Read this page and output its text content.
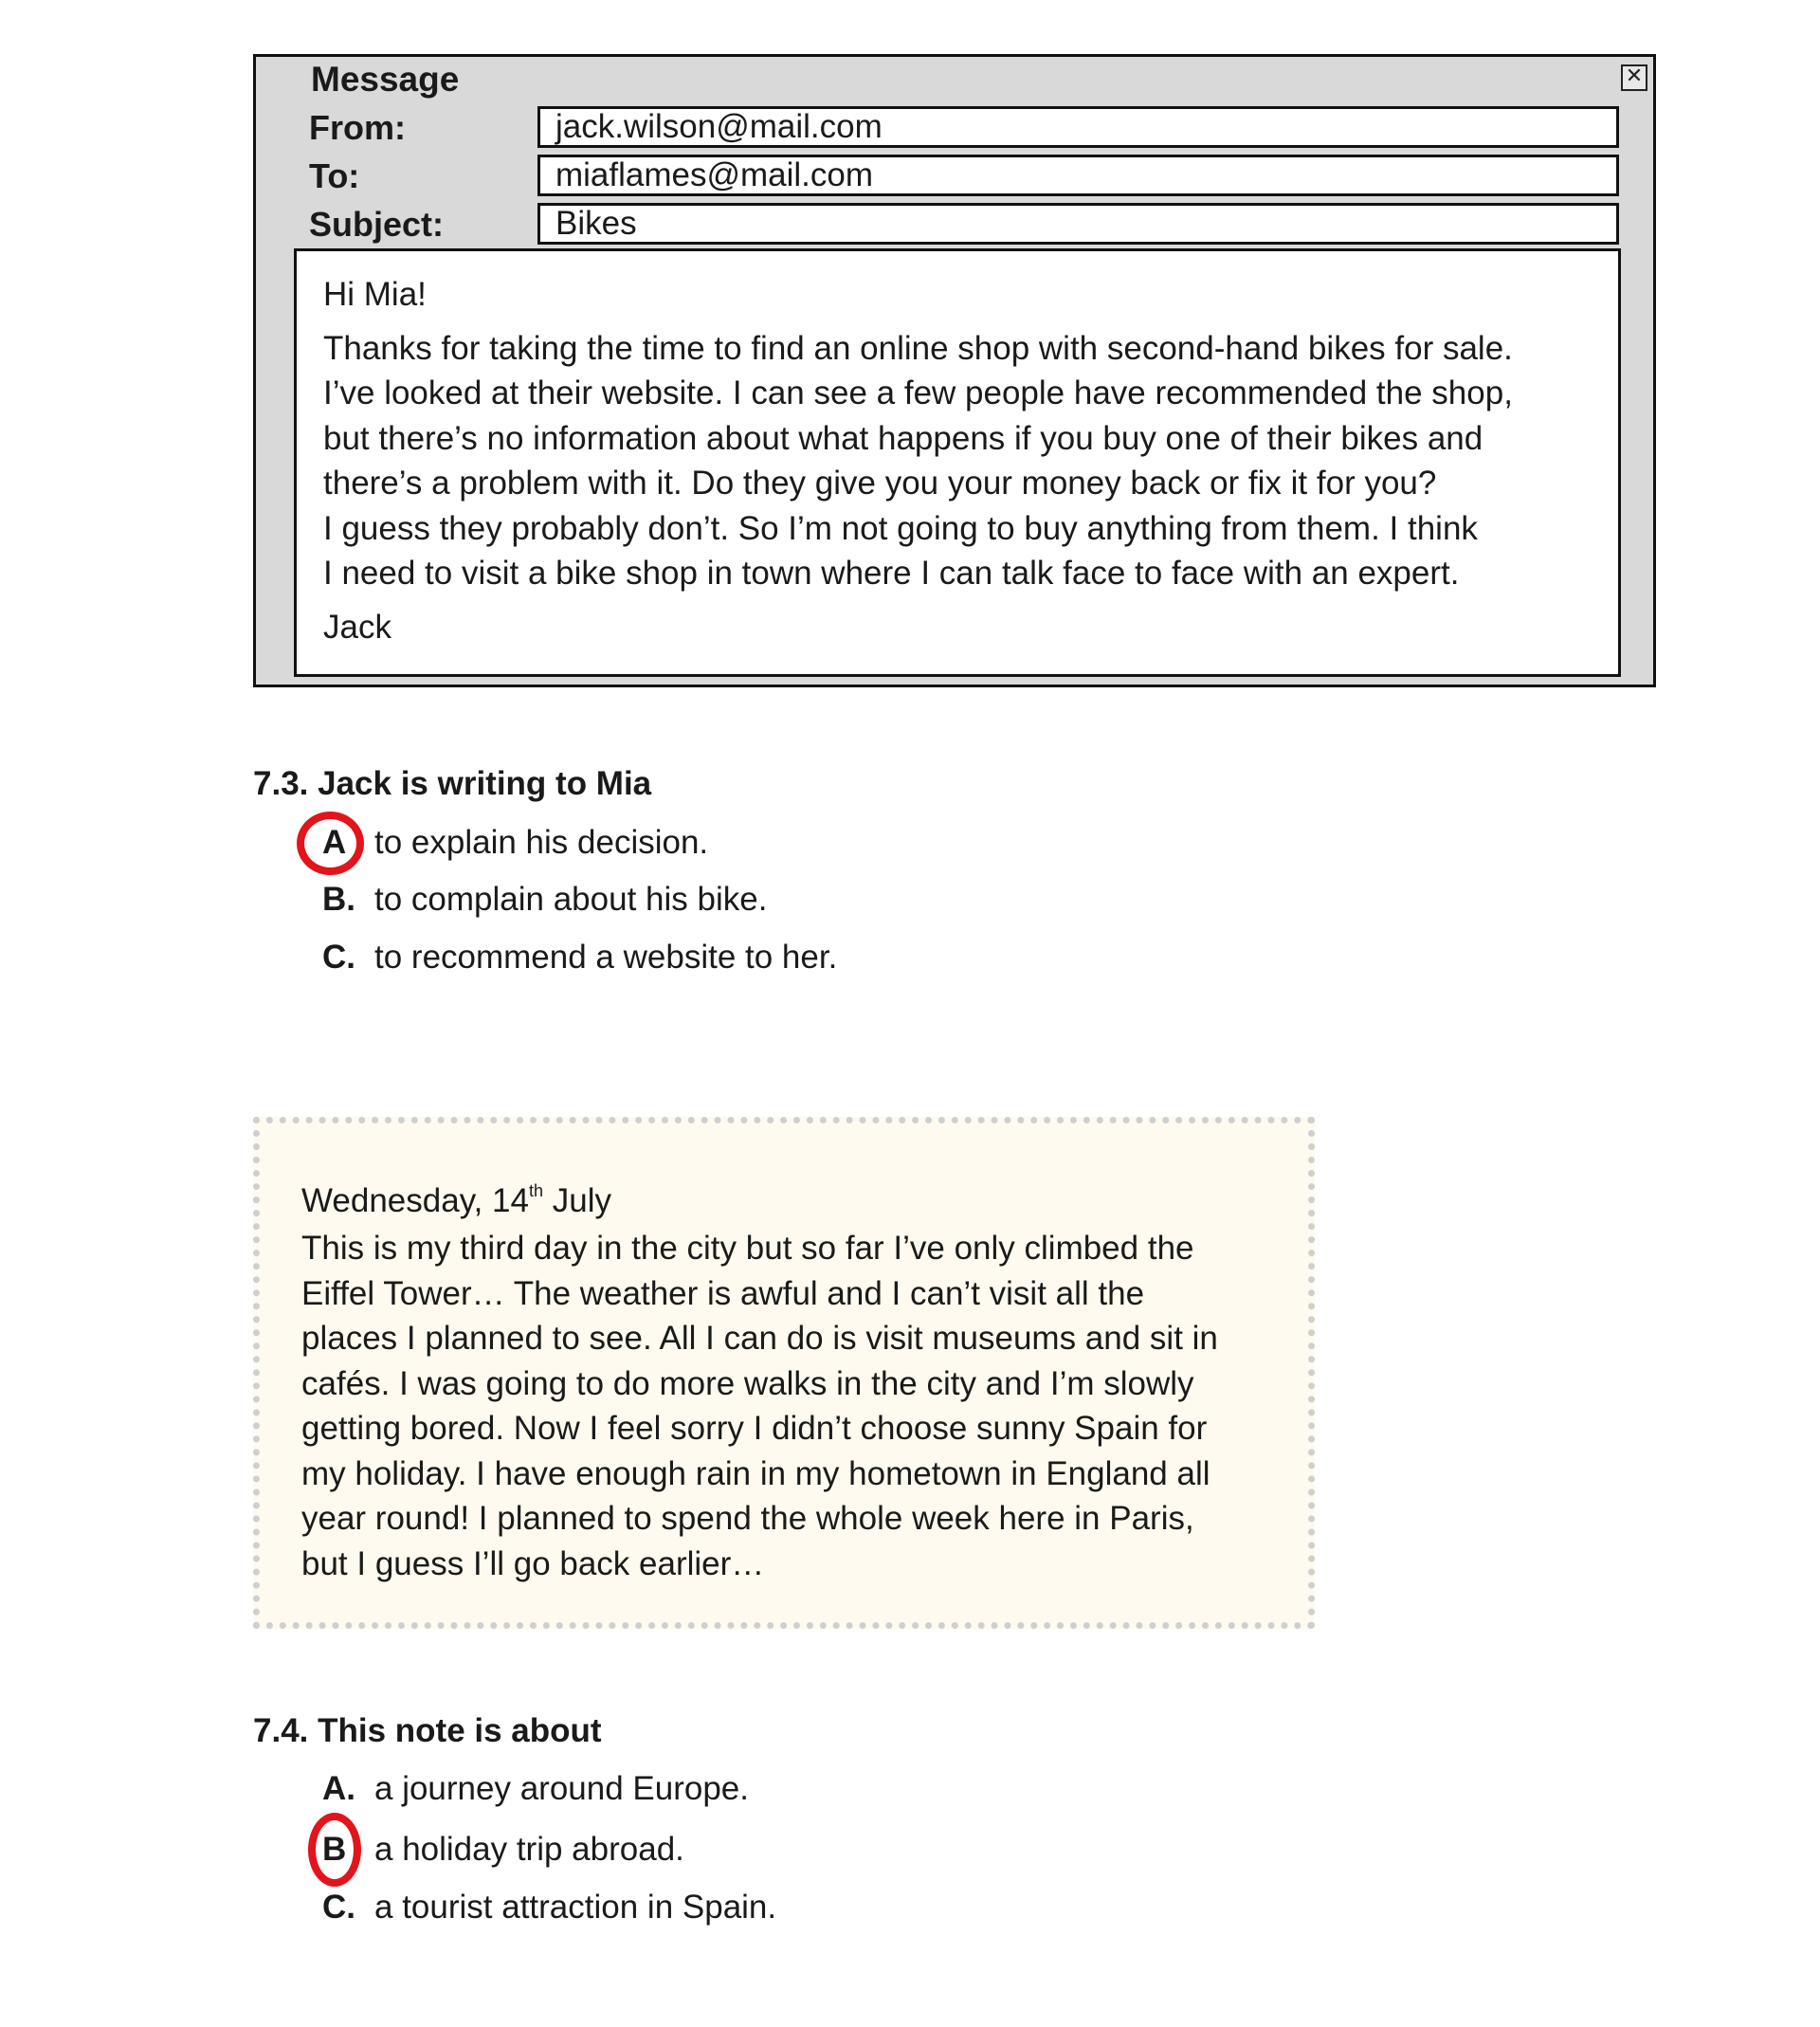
Message	✕
From:	jack.wilson@mail.com
To:	miaflames@mail.com
Subject:	Bikes

Hi Mia!

Thanks for taking the time to find an online shop with second-hand bikes for sale.

I’ve looked at their website. I can see a few people have recommended the shop,

but there’s no information about what happens if you buy one of their bikes and

there’s a problem with it. Do they give you your money back or fix it for you?

I guess they probably don’t. So I’m not going to buy anything from them. I think

I need to visit a bike shop in town where I can talk face to face with an expert.

Jack

7.3. Jack is writing to Mia
A to explain his decision.
B. to complain about his bike.
C. to recommend a website to her.
Wednesday, 14th July
This is my third day in the city but so far I’ve only climbed the
Eiffel Tower… The weather is awful and I can’t visit all the
places I planned to see. All I can do is visit museums and sit in
cafés. I was going to do more walks in the city and I’m slowly
getting bored. Now I feel sorry I didn’t choose sunny Spain for
my holiday. I have enough rain in my hometown in England all
year round! I planned to spend the whole week here in Paris,
but I guess I’ll go back earlier…
7.4. This note is about
A. a journey around Europe.
B a holiday trip abroad.
C. a tourist attraction in Spain.
